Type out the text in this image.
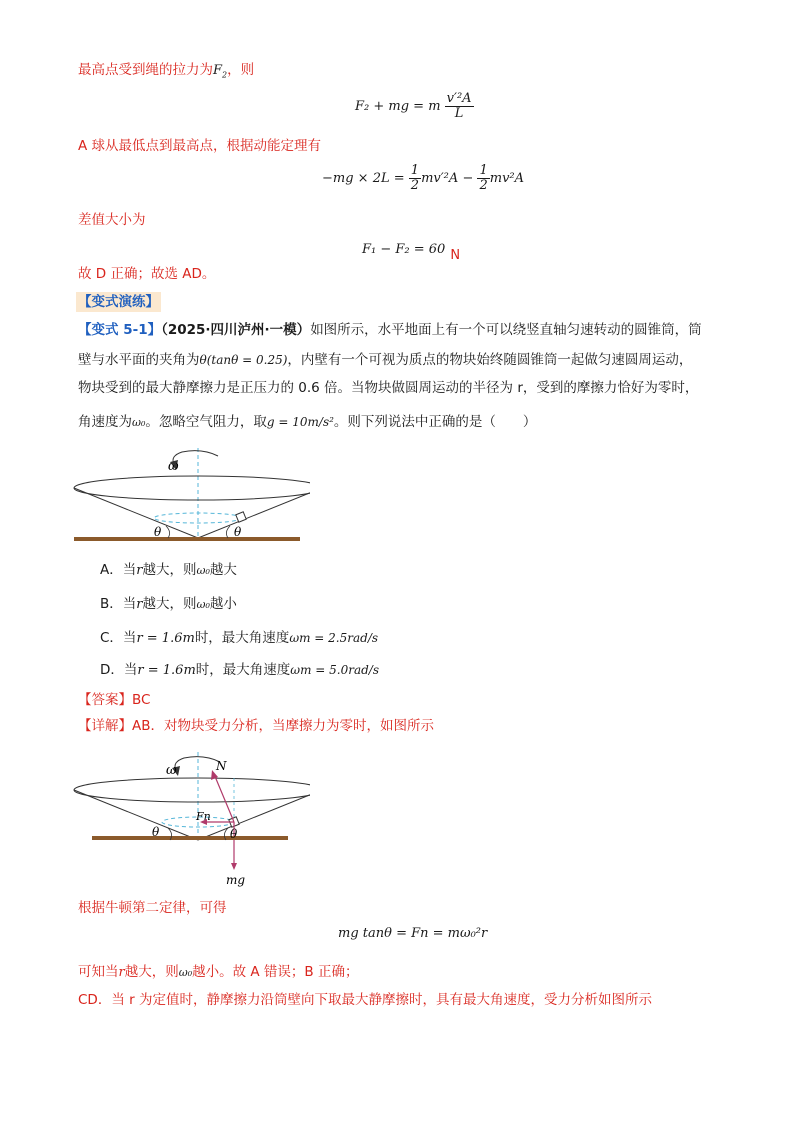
最高点受到绳的拉力为$F_2$，则
F₂ + mg = m $\frac{\text{v′²A}}{L}$
A 球从最低点到最高点，根据动能定理有
$-mg \times 2L = \frac{1}{2} mv'^2A - \frac{1}{2} mv^2A$
差值大小为
F₁ − F₂ = 60 $_N$
故 D 正确；故选 AD。
【变式演练】
【变式 5-1】（2025·四川泸州·一模）如图所示，水平地面上有一个可以绕竖直轴匀速转动的圆锥筒，筒
壁与水平面的夹角为θ(tanθ = 0.25)，内壁有一个可视为质点的物块始终随圆锥筒一起做匀速圆周运动，
物块受到的最大静摩擦力是正压力的 0.6 倍。当物块做圆周运动的半径为 r，受到的摩擦力恰好为零时，
角速度为ω₀。忽略空气阻力，取g = 10m/s²。则下列说法中正确的是（　　）
ω
θ	θ
A．当r越大，则ω₀越大
B．当r越大，则ω₀越小
C．当r = 1.6m时，最大角速度ωm = 2.5rad/s
D．当r = 1.6m时，最大角速度ωm = 5.0rad/s
【答案】BC
【详解】AB．对物块受力分析，当摩擦力为零时，如图所示
ω	N
Fn
mg
θ	θ
根据牛顿第二定律，可得
mg tanθ = Fn = mω₀²r
可知当r越大，则ω₀越小。故 A 错误；B 正确；
CD．当 r 为定值时，静摩擦力沿筒壁向下取最大静摩擦时，具有最大角速度，受力分析如图所示
